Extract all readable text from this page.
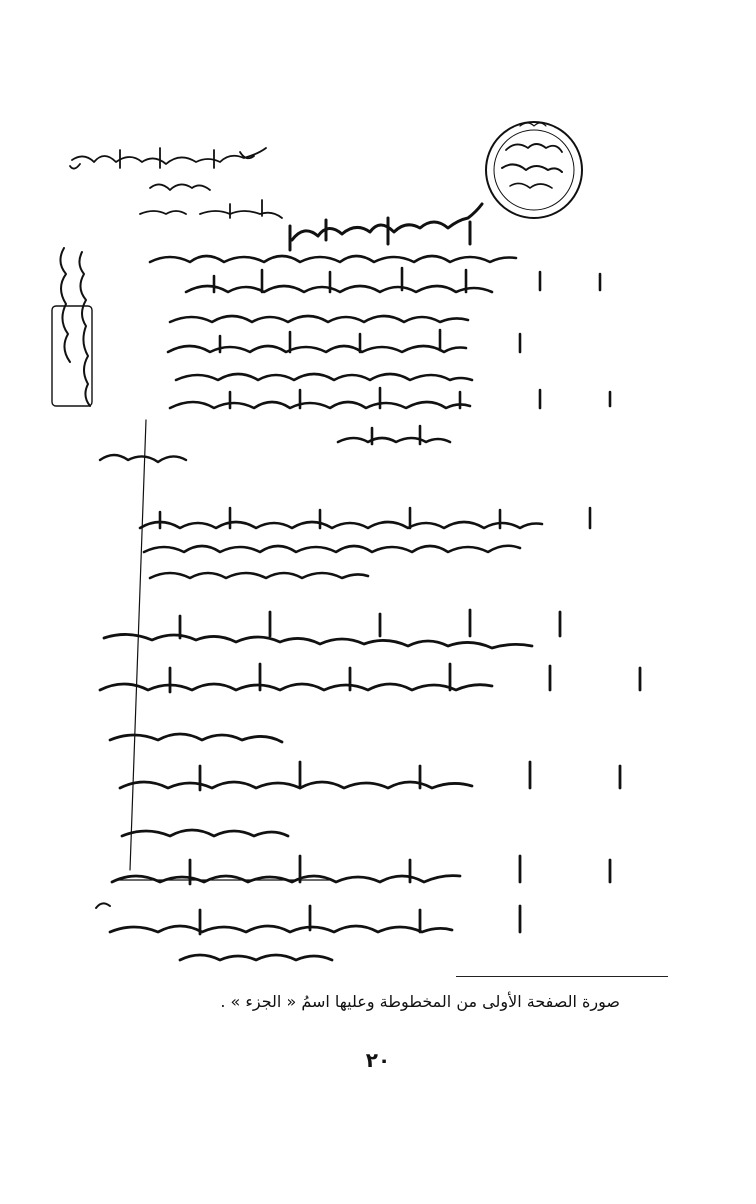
صورة الصفحة الأولى من المخطوطة وعليها اسمُ « الجزء » .
٢٠
